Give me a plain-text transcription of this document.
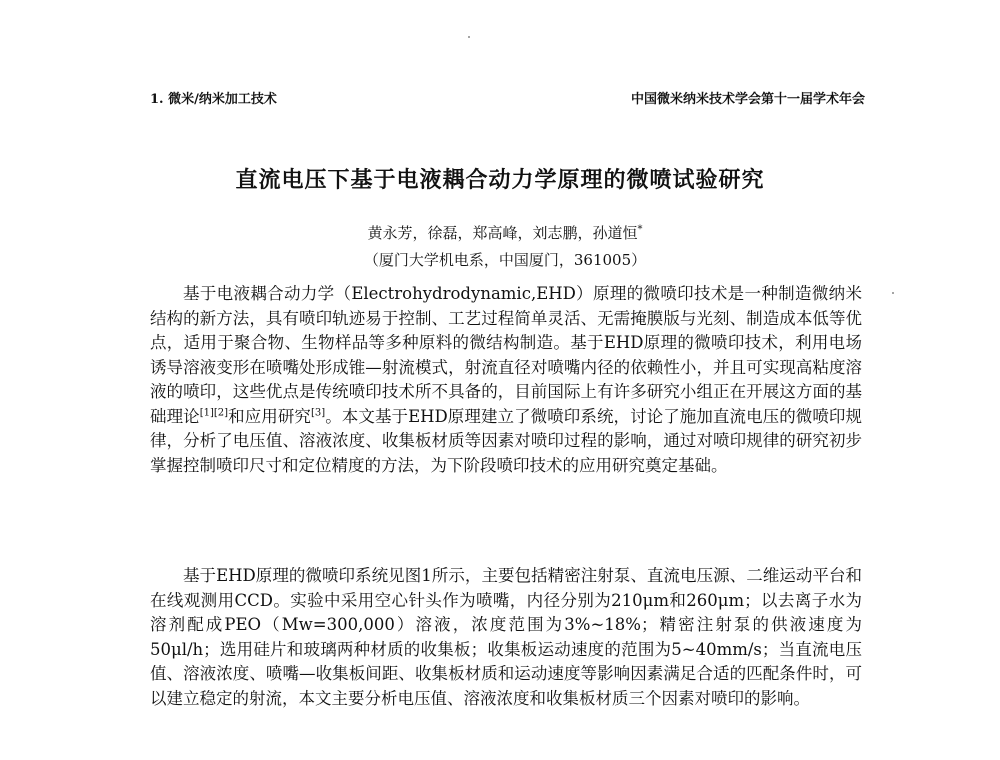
1. 微米/纳米加工技术	中国微米纳米技术学会第十一届学术年会
直流电压下基于电液耦合动力学原理的微喷试验研究
黄永芳，徐磊，郑高峰，刘志鹏，孙道恒*
（厦门大学机电系，中国厦门，361005）

基于电液耦合动力学（Electrohydrodynamic,EHD）原理的微喷印技术是一种制造微纳米结构的新方法，具有喷印轨迹易于控制、工艺过程简单灵活、无需掩膜版与光刻、制造成本低等优点，适用于聚合物、生物样品等多种原料的微结构制造。基于EHD原理的微喷印技术，利用电场诱导溶液变形在喷嘴处形成锥—射流模式，射流直径对喷嘴内径的依赖性小，并且可实现高粘度溶液的喷印，这些优点是传统喷印技术所不具备的，目前国际上有许多研究小组正在开展这方面的基础理论[1][2]和应用研究[3]。本文基于EHD原理建立了微喷印系统，讨论了施加直流电压的微喷印规律，分析了电压值、溶液浓度、收集板材质等因素对喷印过程的影响，通过对喷印规律的研究初步掌握控制喷印尺寸和定位精度的方法，为下阶段喷印技术的应用研究奠定基础。

基于EHD原理的微喷印系统见图1所示，主要包括精密注射泵、直流电压源、二维运动平台和在线观测用CCD。实验中采用空心针头作为喷嘴，内径分别为210μm和260μm；以去离子水为溶剂配成PEO（Mw=300,000）溶液，浓度范围为3%~18%；精密注射泵的供液速度为50μl/h；选用硅片和玻璃两种材质的收集板；收集板运动速度的范围为5~40mm/s；当直流电压值、溶液浓度、喷嘴—收集板间距、收集板材质和运动速度等影响因素满足合适的匹配条件时，可以建立稳定的射流，本文主要分析电压值、溶液浓度和收集板材质三个因素对喷印的影响。
